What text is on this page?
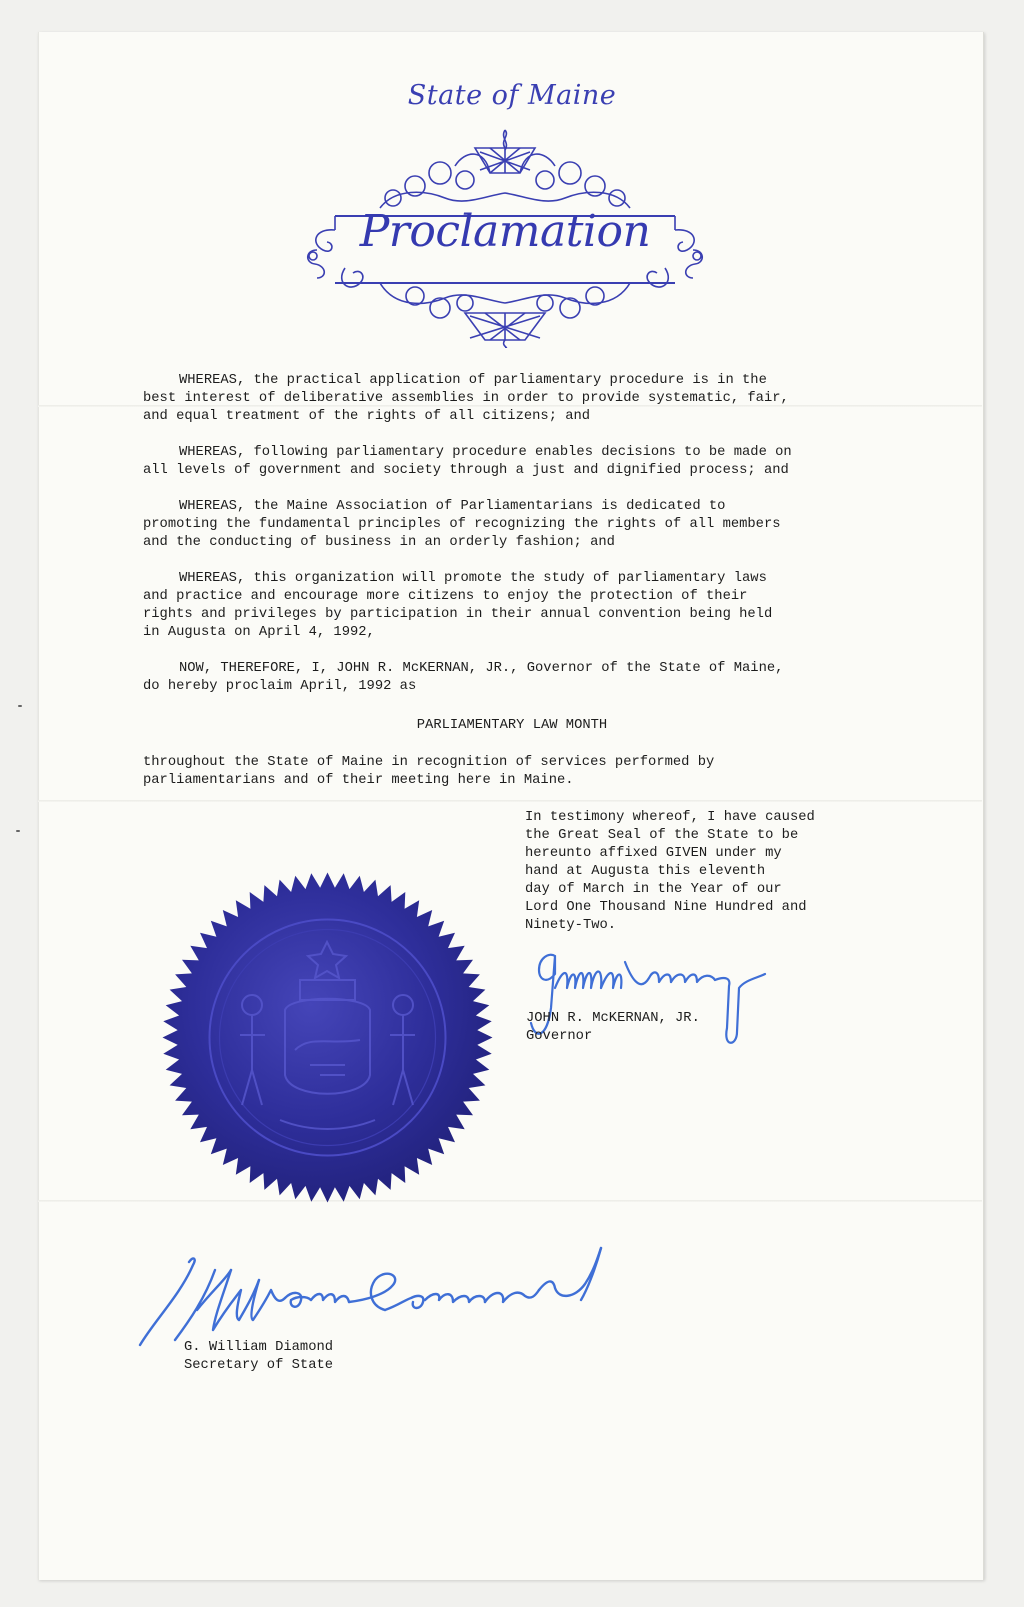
State of Maine
Proclamation
WHEREAS, the practical application of parliamentary procedure is in the
best interest of deliberative assemblies in order to provide systematic, fair,
and equal treatment of the rights of all citizens; and
WHEREAS, following parliamentary procedure enables decisions to be made on
all levels of government and society through a just and dignified process; and
WHEREAS, the Maine Association of Parliamentarians is dedicated to
promoting the fundamental principles of recognizing the rights of all members
and the conducting of business in an orderly fashion; and
WHEREAS, this organization will promote the study of parliamentary laws
and practice and encourage more citizens to enjoy the protection of their
rights and privileges by participation in their annual convention being held
in Augusta on April 4, 1992,
NOW, THEREFORE, I, JOHN R. McKERNAN, JR., Governor of the State of Maine,
do hereby proclaim April, 1992 as
PARLIAMENTARY LAW MONTH
throughout the State of Maine in recognition of services performed by
parliamentarians and of their meeting here in Maine.
In testimony whereof, I have caused
the Great Seal of the State to be
hereunto affixed GIVEN under my
hand at Augusta this eleventh
day of March in the Year of our
Lord One Thousand Nine Hundred and
Ninety-Two.
JOHN R. McKERNAN, JR.
Governor
G. William Diamond
Secretary of State
